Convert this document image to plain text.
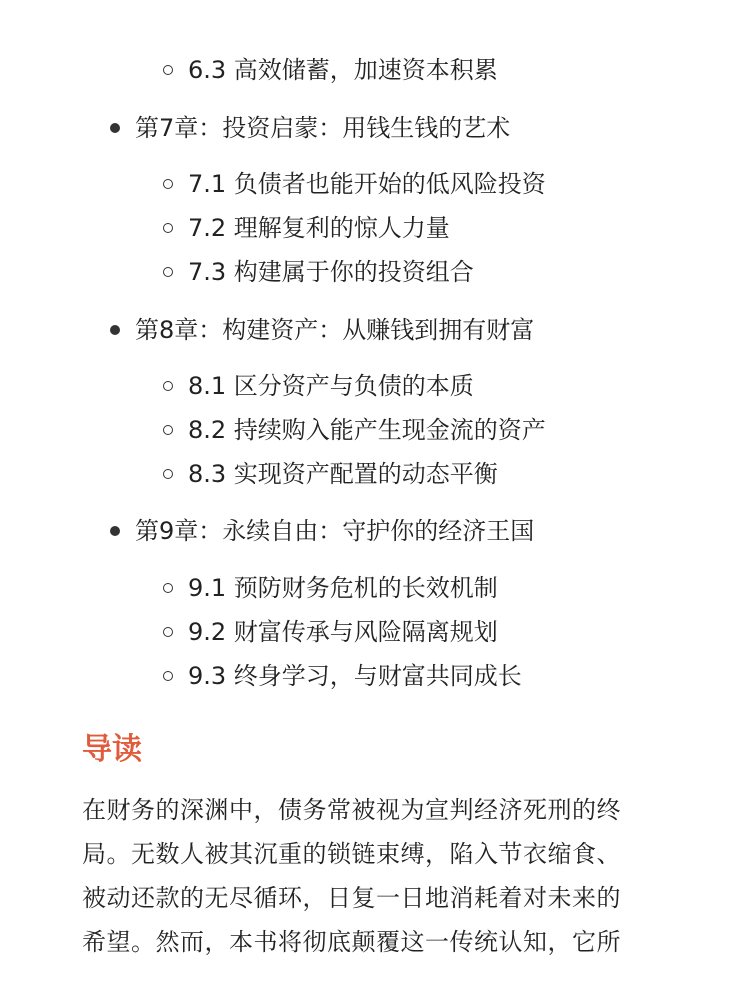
6.3 高效储蓄，加速资本积累
第7章：投资启蒙：用钱生钱的艺术
7.1 负债者也能开始的低风险投资
7.2 理解复利的惊人力量
7.3 构建属于你的投资组合
第8章：构建资产：从赚钱到拥有财富
8.1 区分资产与负债的本质
8.2 持续购入能产生现金流的资产
8.3 实现资产配置的动态平衡
第9章：永续自由：守护你的经济王国
9.1 预防财务危机的长效机制
9.2 财富传承与风险隔离规划
9.3 终身学习，与财富共同成长
导读

在财务的深渊中，债务常被视为宣判经济死刑的终
局。无数人被其沉重的锁链束缚，陷入节衣缩食、
被动还款的无尽循环，日复一日地消耗着对未来的
希望。然而，本书将彻底颠覆这一传统认知，它所
